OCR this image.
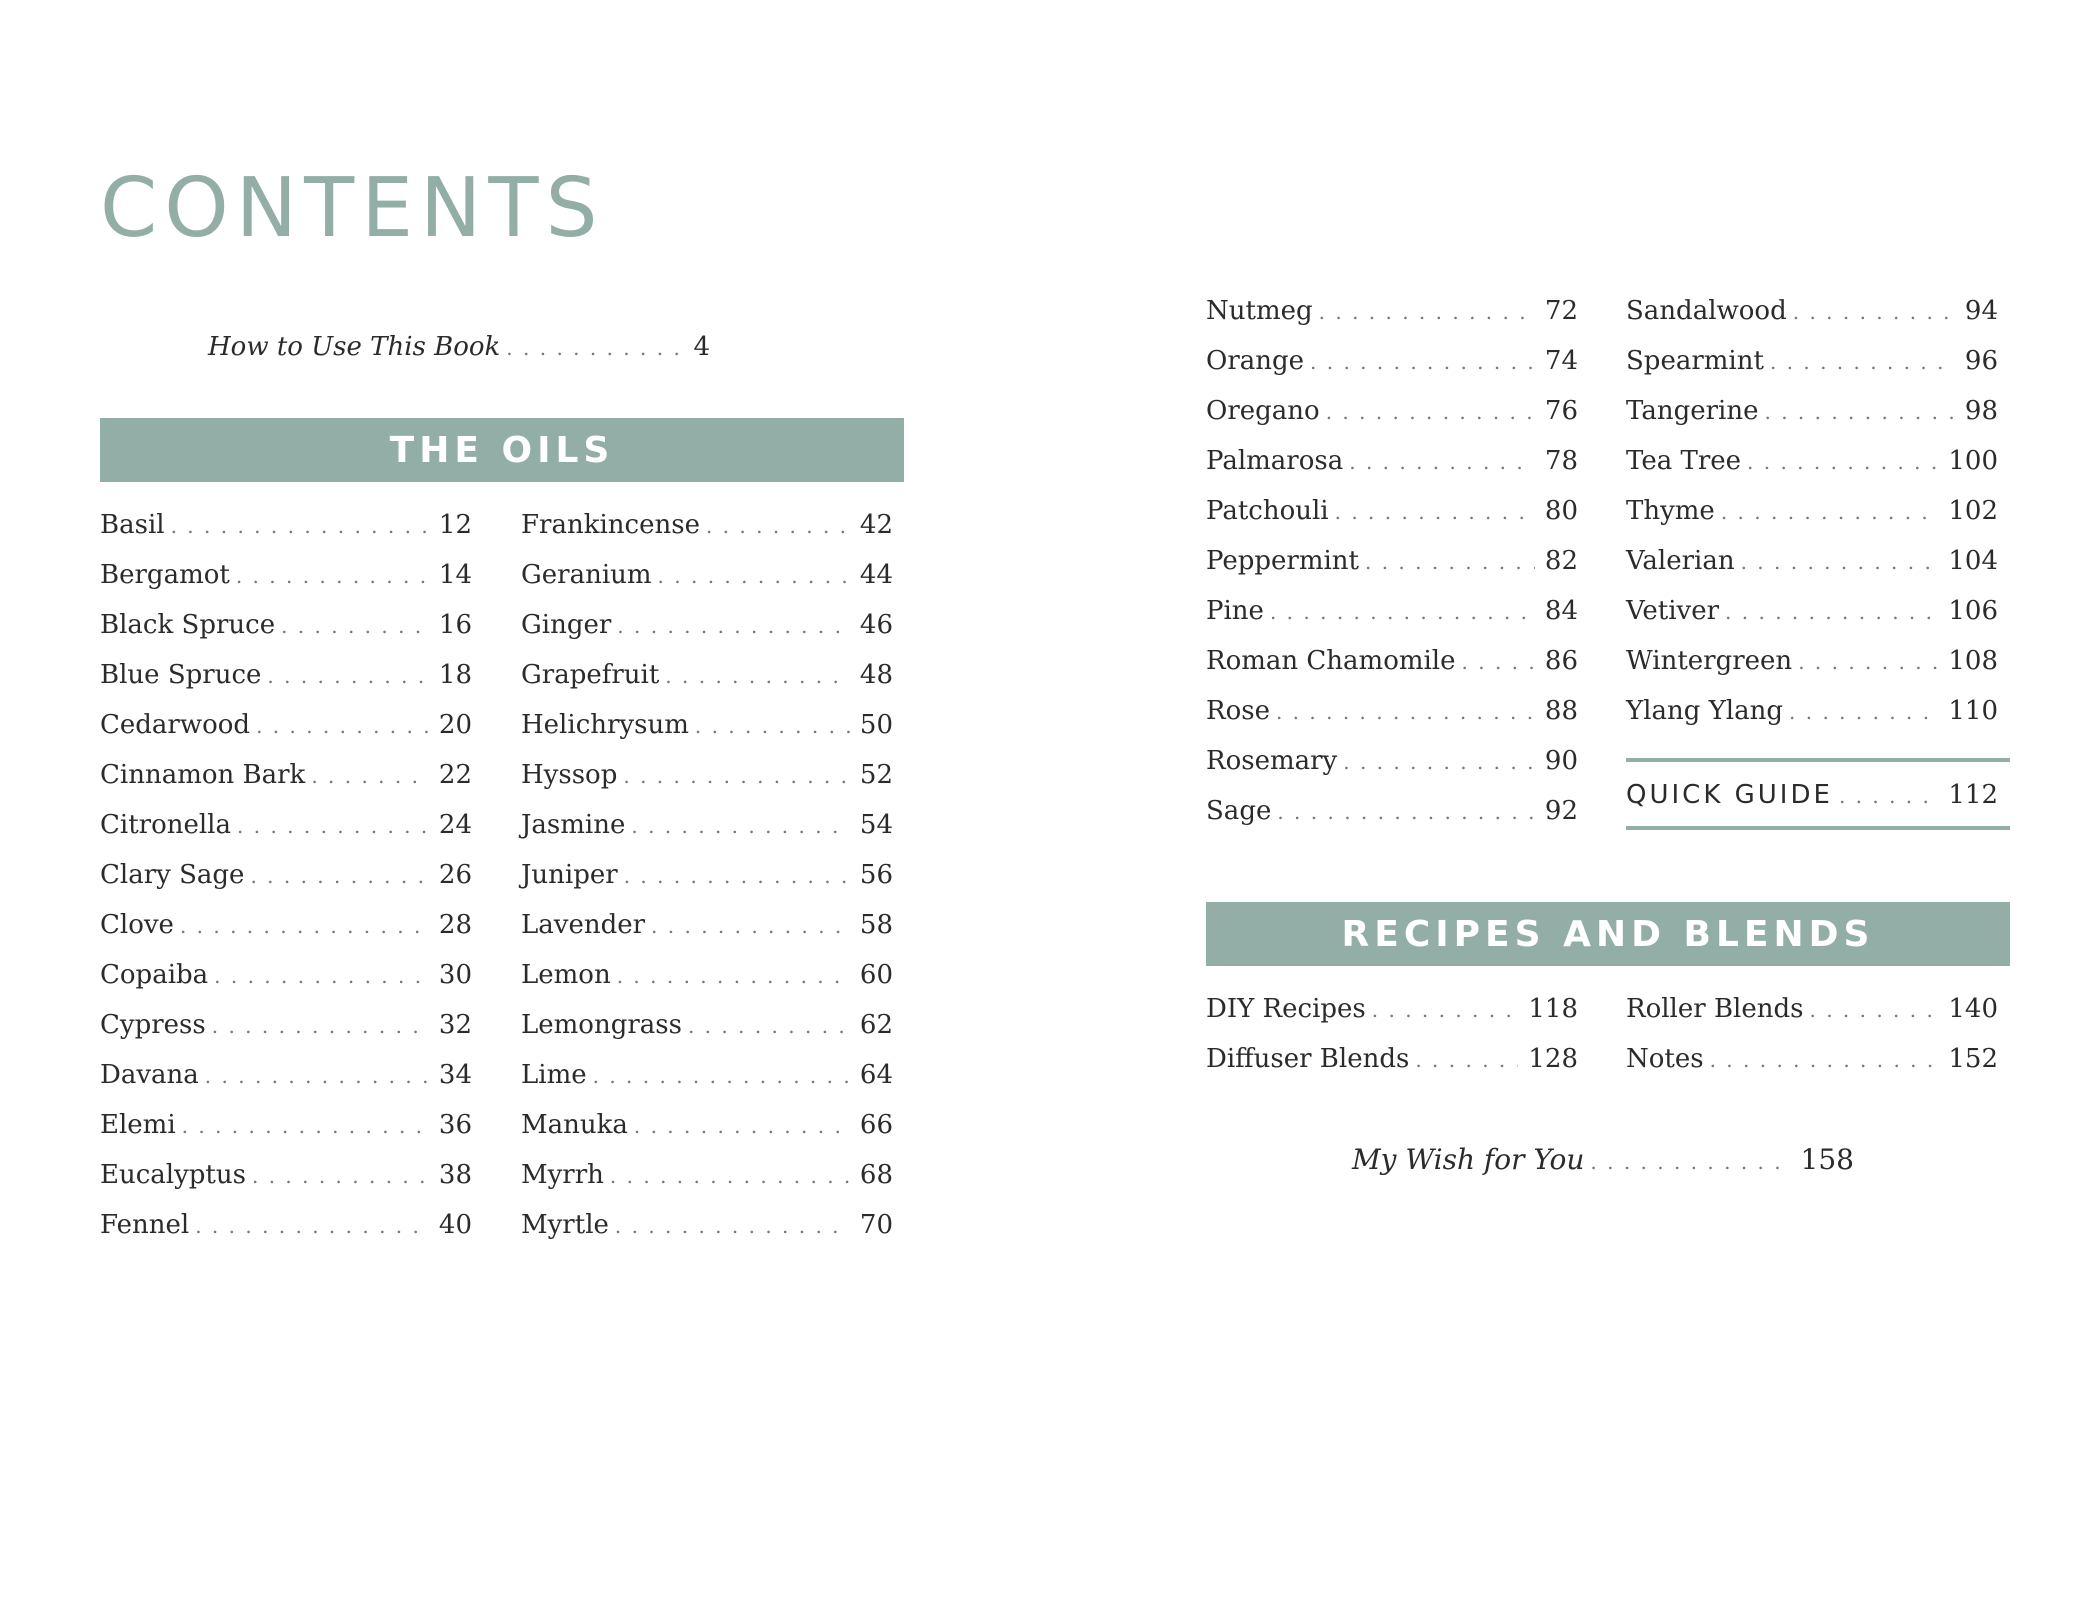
CONTENTS
How to Use This Book . . .	4
THE OILS
Basil . . .	12
Bergamot . . .	14
Black Spruce . . .	16
Blue Spruce . . .	18
Cedarwood . . .	20
Cinnamon Bark . . .	22
Citronella . . .	24
Clary Sage . . .	26
Clove . . .	28
Copaiba . . .	30
Cypress . . .	32
Davana . . .	34
Elemi . . .	36
Eucalyptus . . .	38
Fennel . . .	40
Frankincense . . .	42
Geranium . . .	44
Ginger . . .	46
Grapefruit . . .	48
Helichrysum . . .	50
Hyssop . . .	52
Jasmine . . .	54
Juniper . . .	56
Lavender . . .	58
Lemon . . .	60
Lemongrass . . .	62
Lime . . .	64
Manuka . . .	66
Myrrh . . .	68
Myrtle . . .	70
Nutmeg . . .	72
Orange . . .	74
Oregano . . .	76
Palmarosa . . .	78
Patchouli . . .	80
Peppermint . . .	82
Pine . . .	84
Roman Chamomile . . .	86
Rose . . .	88
Rosemary . . .	90
Sage . . .	92
Sandalwood . . .	94
Spearmint . . .	96
Tangerine . . .	98
Tea Tree . . .	100
Thyme . . .	102
Valerian . . .	104
Vetiver . . .	106
Wintergreen . . .	108
Ylang Ylang . . .	110
QUICK GUIDE . . .	112
RECIPES AND BLENDS
DIY Recipes . . .	118
Diffuser Blends . . .	128
Roller Blends . . .	140
Notes . . .	152
My Wish for You . . .	158
